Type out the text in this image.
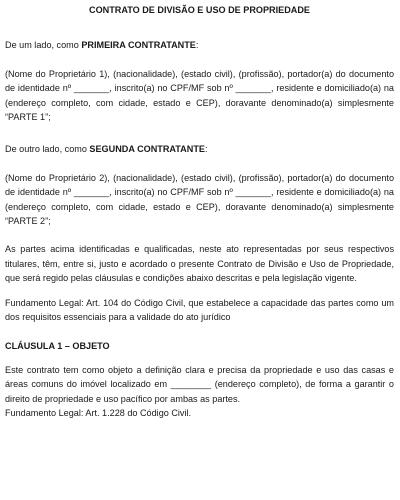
CONTRATO DE DIVISÃO E USO DE PROPRIEDADE

De um lado, como PRIMEIRA CONTRATANTE:

(Nome do Proprietário 1), (nacionalidade), (estado civil), (profissão), portador(a) do documento de identidade nº _______, inscrito(a) no CPF/MF sob nº _______, residente e domiciliado(a) na (endereço completo, com cidade, estado e CEP), doravante denominado(a) simplesmente “PARTE 1”;

De outro lado, como SEGUNDA CONTRATANTE:

(Nome do Proprietário 2), (nacionalidade), (estado civil), (profissão), portador(a) do documento de identidade nº _______, inscrito(a) no CPF/MF sob nº _______, residente e domiciliado(a) na (endereço completo, com cidade, estado e CEP), doravante denominado(a) simplesmente “PARTE 2”;

As partes acima identificadas e qualificadas, neste ato representadas por seus respectivos titulares, têm, entre si, justo e acordado o presente Contrato de Divisão e Uso de Propriedade, que será regido pelas cláusulas e condições abaixo descritas e pela legislação vigente.

Fundamento Legal: Art. 104 do Código Civil, que estabelece a capacidade das partes como um dos requisitos essenciais para a validade do ato jurídico

CLÁUSULA 1 – OBJETO

Este contrato tem como objeto a definição clara e precisa da propriedade e uso das casas e áreas comuns do imóvel localizado em ________ (endereço completo), de forma a garantir o direito de propriedade e uso pacífico por ambas as partes.

Fundamento Legal: Art. 1.228 do Código Civil.
